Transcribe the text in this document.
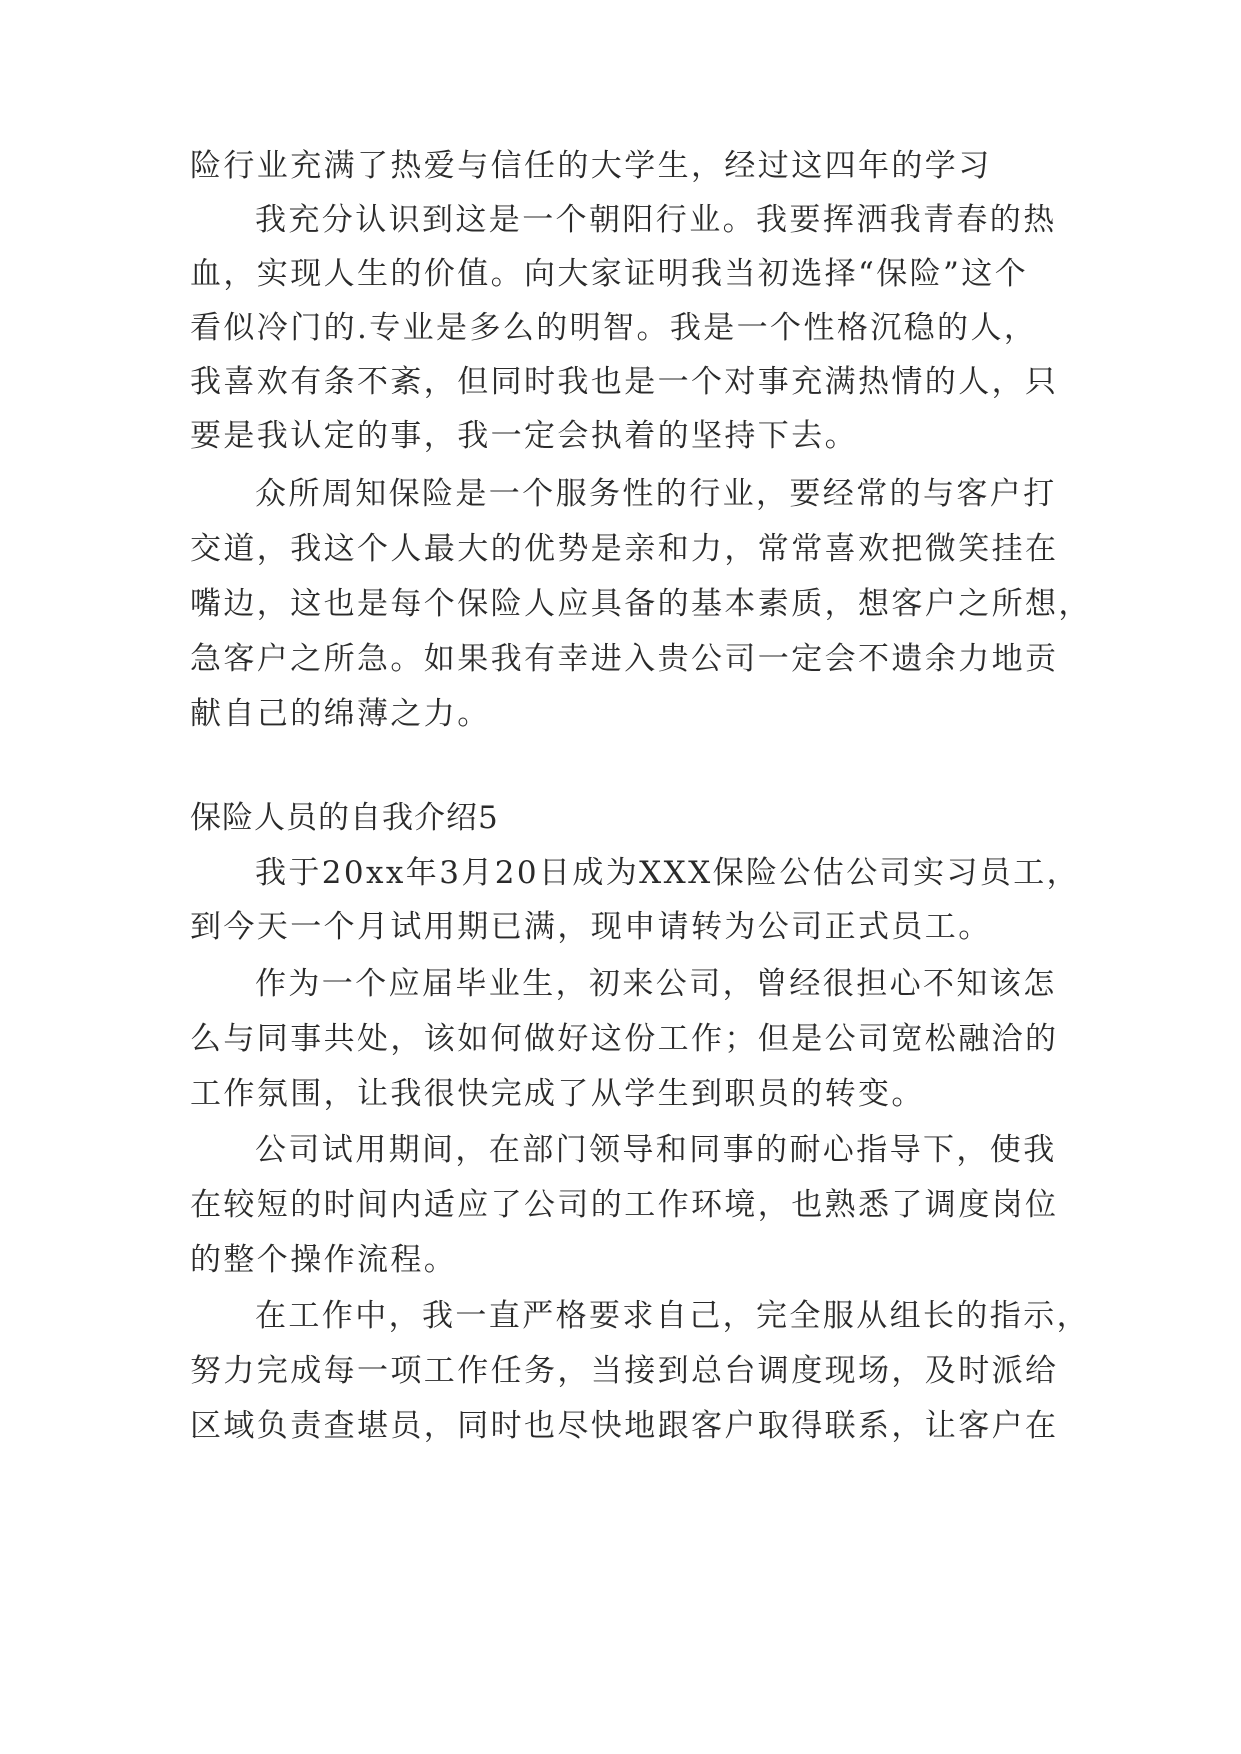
险行业充满了热爱与信任的大学生，经过这四年的学习
我充分认识到这是一个朝阳行业。我要挥洒我青春的热
血，实现人生的价值。向大家证明我当初选择“保险”这个
看似冷门的.专业是多么的明智。我是一个性格沉稳的人，
我喜欢有条不紊，但同时我也是一个对事充满热情的人，只
要是我认定的事，我一定会执着的坚持下去。
众所周知保险是一个服务性的行业，要经常的与客户打
交道，我这个人最大的优势是亲和力，常常喜欢把微笑挂在
嘴边，这也是每个保险人应具备的基本素质，想客户之所想，
急客户之所急。如果我有幸进入贵公司一定会不遗余力地贡
献自己的绵薄之力。
保险人员的自我介绍5
我于20xx年3月20日成为XXX保险公估公司实习员工，
到今天一个月试用期已满，现申请转为公司正式员工。
作为一个应届毕业生，初来公司，曾经很担心不知该怎
么与同事共处，该如何做好这份工作；但是公司宽松融洽的
工作氛围，让我很快完成了从学生到职员的转变。
公司试用期间，在部门领导和同事的耐心指导下，使我
在较短的时间内适应了公司的工作环境，也熟悉了调度岗位
的整个操作流程。
在工作中，我一直严格要求自己，完全服从组长的指示，
努力完成每一项工作任务，当接到总台调度现场，及时派给
区域负责查堪员，同时也尽快地跟客户取得联系，让客户在
